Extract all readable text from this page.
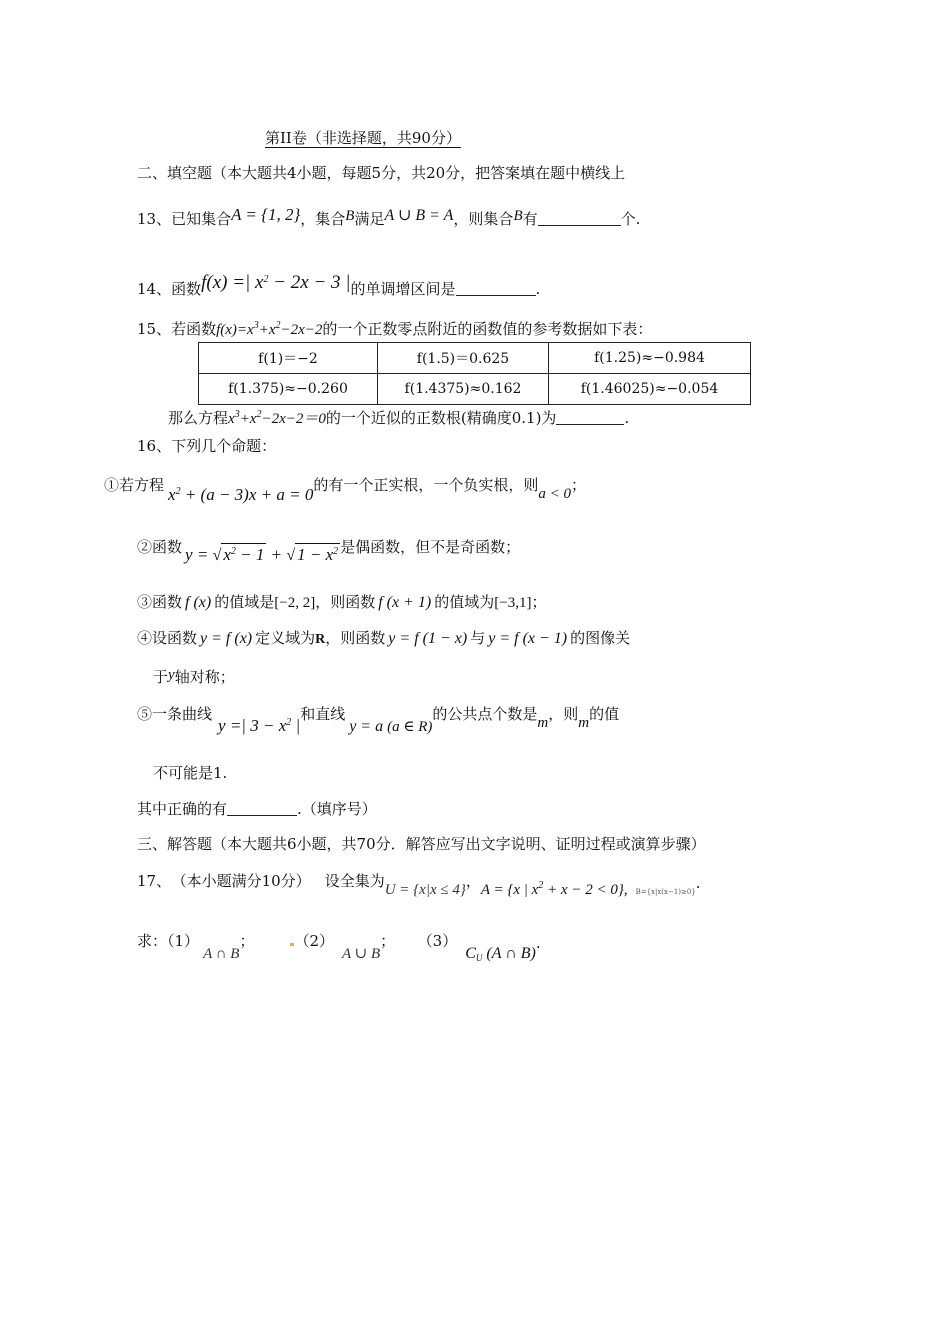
第II卷（非选择题，共90分）
二、填空题（本大题共4小题，每题5分，共20分，把答案填在题中横线上
13、已知集合A = {1, 2}，集合B满足A ∪ B = A，则集合B有	个.
14、函数f(x) =| $x^2 - 2x - 3$ |的单调增区间是	.
15、若函数$f(x)=x^3+x^2-2x-2$的一个正数零点附近的函数值的参考数据如下表：
f(1)＝−2	f(1.5)＝0.625	f(1.25)≈−0.984
f(1.375)≈−0.260	f(1.4375)≈0.162	f(1.46025)≈−0.054
那么方程$x^3+x^2-2x-2=0$的一个近似的正数根(精确度0.1)为	.
16、下列几个命题：
①若方程 $x^2 + (a - 3)x + a = 0$的有一个正实根，一个负实根，则a < 0；
②函数 y = √ $x^2 - 1$ + √ $1 - x^2$ 是偶函数，但不是奇函数；
③函数 f (x) 的值域是[−2, 2]，则函数 f (x + 1) 的值域为[−3,1]；
④设函数 y = f (x) 定义域为R，则函数 y = f (1 − x) 与 y = f (x − 1) 的图像关
于y轴对称；
⑤一条曲线y =| $3 - x^2$ |和直线y = a (a ∈ R)的公共点个数是m，则m的值
不可能是1.
其中正确的有	.（填序号）
三、解答题（本大题共6小题，共70分．解答应写出文字说明、证明过程或演算步骤）
17、 （本小题满分10分） 设全集为U = {x|x ≤ 4}，A = {x | $x^2 + x - 2 < 0$}, $_{B=\{x|x(x-1)\ge 0\}}$.
求：（1）A ∩ B；	（2）A ∪ B； $(3)C_U$ (A ∩ B).
